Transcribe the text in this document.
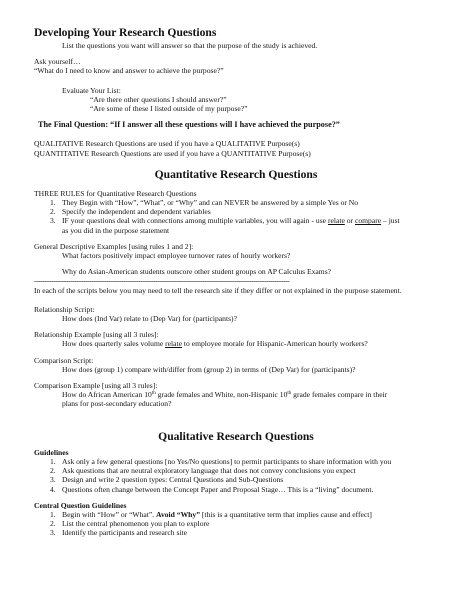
Developing Your Research Questions
List the questions you want will answer so that the purpose of the study is achieved.
Ask yourself…
“What do I need to know and answer to achieve the purpose?”
Evaluate Your List:
“Are there other questions I should answer?”
“Are some of these I listed outside of my purpose?”
The Final Question: “If I answer all these questions will I have achieved the purpose?”
QUALITATIVE Research Questions are used if you have a QUALITATIVE Purpose(s)
QUANTITATIVE Research Questions are used if you have a QUANTITATIVE Purpose(s)
Quantitative Research Questions
THREE RULES for Quantitative Research Questions
1. They Begin with “How”, “What”, or “Why” and can NEVER be answered by a simple Yes or No
2. Specify the independent and dependent variables
3. IF your questions deal with connections among multiple variables, you will again - use relate or compare – just
as you did in the purpose statement
General Descriptive Examples [using rules 1 and 2]:
What factors positively impact employee turnover rates of hourly workers?
Why do Asian-American students outscore other student groups on AP Calculus Exams?
------------------------------------------------------------------------------------------------------------------------
In each of the scripts below you may need to tell the research site if they differ or not explained in the purpose statement.
Relationship Script:
How does (Ind Var) relate to (Dep Var) for (participants)?
Relationship Example [using all 3 rules]:
How does quarterly sales volume relate to employee morale for Hispanic-American hourly workers?
Comparison Script:
How does (group 1) compare with/differ from (group 2) in terms of (Dep Var) for (participants)?
Comparison Example [using all 3 rules]:
How do African American 10th grade females and White, non-Hispanic 10th grade females compare in their
plans for post-secondary education?
Qualitative Research Questions
Guidelines
1. Ask only a few general questions [no Yes/No questions] to permit participants to share information with you
2. Ask questions that are neutral exploratory language that does not convey conclusions you expect
3. Design and write 2 question types: Central Questions and Sub-Questions
4. Questions often change between the Concept Paper and Proposal Stage… This is a “living” document.
Central Question Guidelines
1. Begin with “How” or “What”. Avoid “Why” [this is a quantitative term that implies cause and effect]
2. List the central phenomenon you plan to explore
3. Identify the participants and research site
